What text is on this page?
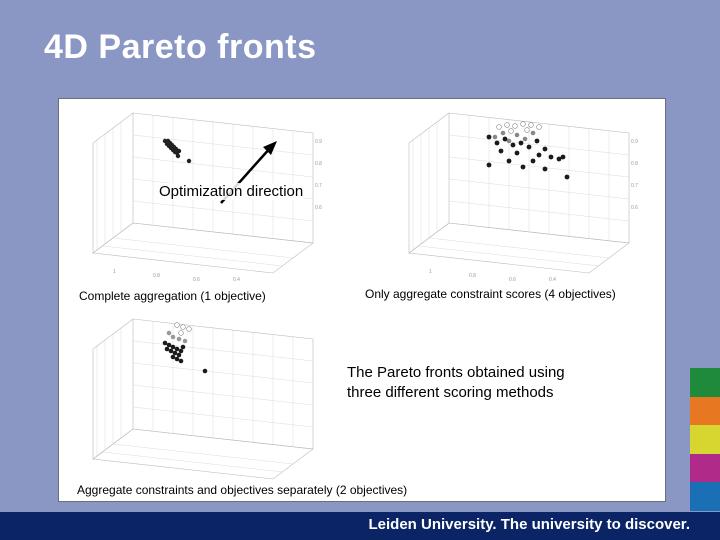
4D Pareto fronts
0.9
0.8
0.7
0.6
1
0.8
0.6	0.4
0.9
0.8
0.7
0.6
1
0.8
0.6	0.4
Optimization direction
Complete aggregation (1 objective)	Only aggregate constraint scores (4 objectives)
The Pareto fronts obtained using
three different scoring methods
Aggregate constraints and objectives separately (2 objectives)
Leiden University. The university to discover.
